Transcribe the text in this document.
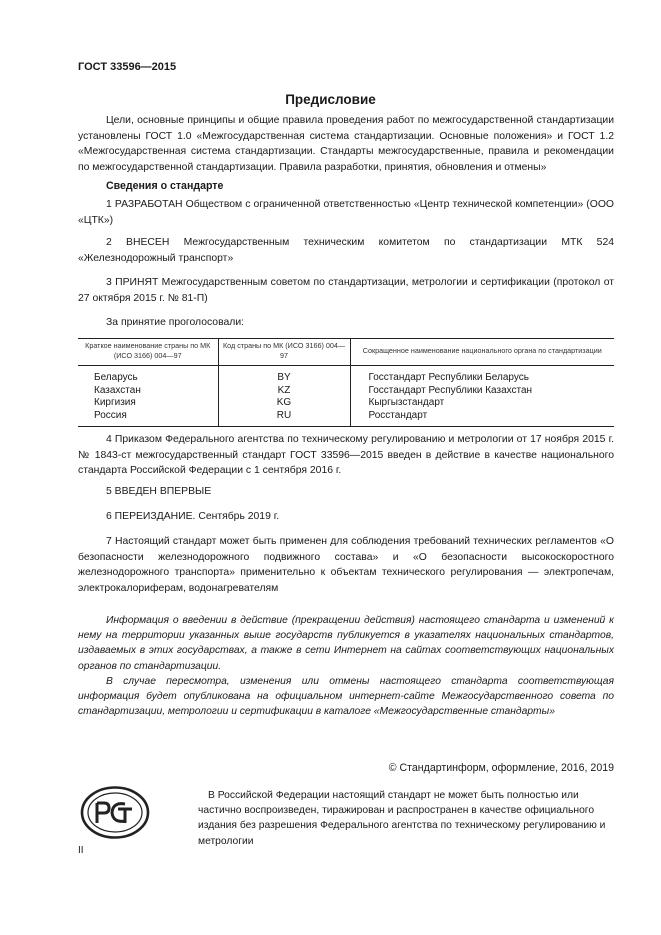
ГОСТ 33596—2015
Предисловие

Цели, основные принципы и общие правила проведения работ по межгосударственной стандартизации установлены ГОСТ 1.0 «Межгосударственная система стандартизации. Основные положения» и ГОСТ 1.2 «Межгосударственная система стандартизации. Стандарты межгосударственные, правила и рекомендации по межгосударственной стандартизации. Правила разработки, принятия, обновления и отмены»

Сведения о стандарте

1 РАЗРАБОТАН Обществом с ограниченной ответственностью «Центр технической компетенции» (ООО «ЦТК»)

2 ВНЕСЕН Межгосударственным техническим комитетом по стандартизации МТК 524 «Железнодорожный транспорт»

3 ПРИНЯТ Межгосударственным советом по стандартизации, метрологии и сертификации (протокол от 27 октября 2015 г. № 81-П)

За принятие проголосовали:
Краткое наименование страны по МК (ИСО 3166) 004—97	Код страны по МК (ИСО 3166) 004—97	Сокращенное наименование национального органа по стандартизации
Беларусь	BY	Госстандарт Республики Беларусь
Казахстан	KZ	Госстандарт Республики Казахстан
Киргизия	KG	Кыргызстандарт
Россия	RU	Росстандарт

4 Приказом Федерального агентства по техническому регулированию и метрологии от 17 ноября 2015 г. № 1843-ст межгосударственный стандарт ГОСТ 33596—2015 введен в действие в качестве национального стандарта Российской Федерации с 1 сентября 2016 г.

5 ВВЕДЕН ВПЕРВЫЕ

6 ПЕРЕИЗДАНИЕ. Сентябрь 2019 г.

7 Настоящий стандарт может быть применен для соблюдения требований технических регламентов «О безопасности железнодорожного подвижного состава» и «О безопасности высокоскоростного железнодорожного транспорта» применительно к объектам технического регулирования — электропечам, электрокалориферам, водонагревателям

Информация о введении в действие (прекращении действия) настоящего стандарта и изменений к нему на территории указанных выше государств публикуется в указателях национальных стандартов, издаваемых в этих государствах, а также в сети Интернет на сайтах соответствующих национальных органов по стандартизации.

В случае пересмотра, изменения или отмены настоящего стандарта соответствующая информация будет опубликована на официальном интернет-сайте Межгосударственного совета по стандартизации, метрологии и сертификации в каталоге «Межгосударственные стандарты»

© Стандартинформ, оформление, 2016, 2019

В Российской Федерации настоящий стандарт не может быть полностью или частично воспроизведен, тиражирован и распространен в качестве официального издания без разрешения Федерального агентства по техническому регулированию и метрологии

II
